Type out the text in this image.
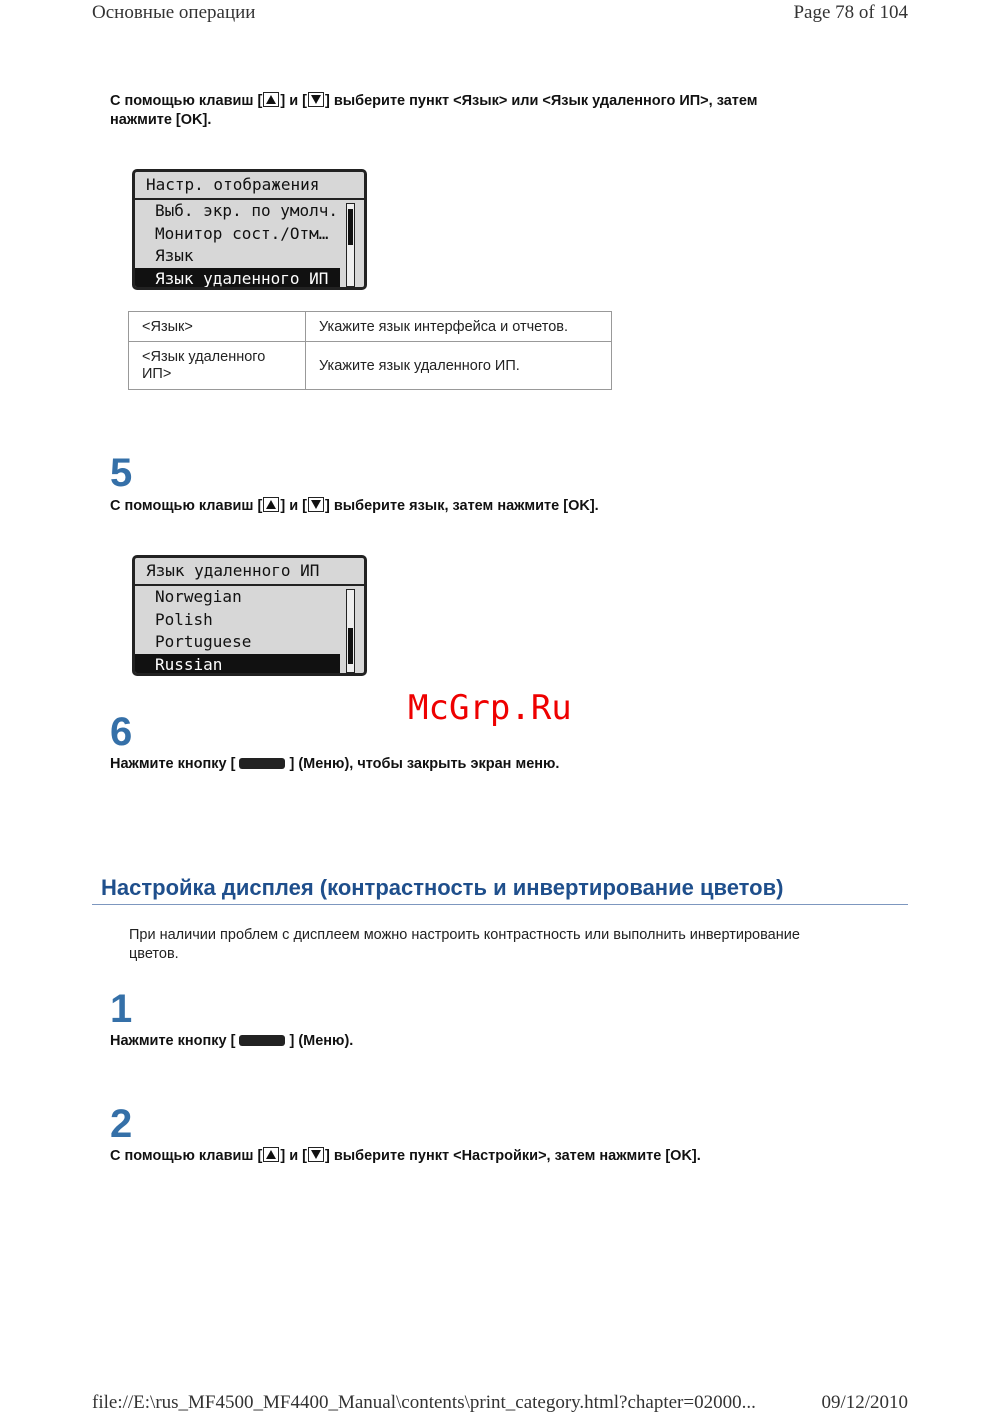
Основные операции	Page 78 of 104
С помощью клавиш [ ] и [ ] выберите пункт <Язык> или <Язык удаленного ИП>, затем
нажмите [OK].
Настр. отображения
Выб. экр. по умолч.
Монитор сост./Отм…
Язык
Язык удаленного ИП
<Язык>	Укажите язык интерфейса и отчетов.
<Язык удаленного ИП>	Укажите язык удаленного ИП.
5
С помощью клавиш [ ] и [ ] выберите язык, затем нажмите [OK].
Язык удаленного ИП
Norwegian
Polish
Portuguese
Russian
McGrp.Ru
6
Нажмите кнопку [	] (Меню), чтобы закрыть экран меню.
Настройка дисплея (контрастность и инвертирование цветов)
При наличии проблем с дисплеем можно настроить контрастность или выполнить инвертирование
цветов.
1
Нажмите кнопку [	] (Меню).
2
С помощью клавиш [ ] и [ ] выберите пункт <Настройки>, затем нажмите [OK].
file://E:\rus_MF4500_MF4400_Manual\contents\print_category.html?chapter=02000...	09/12/2010
